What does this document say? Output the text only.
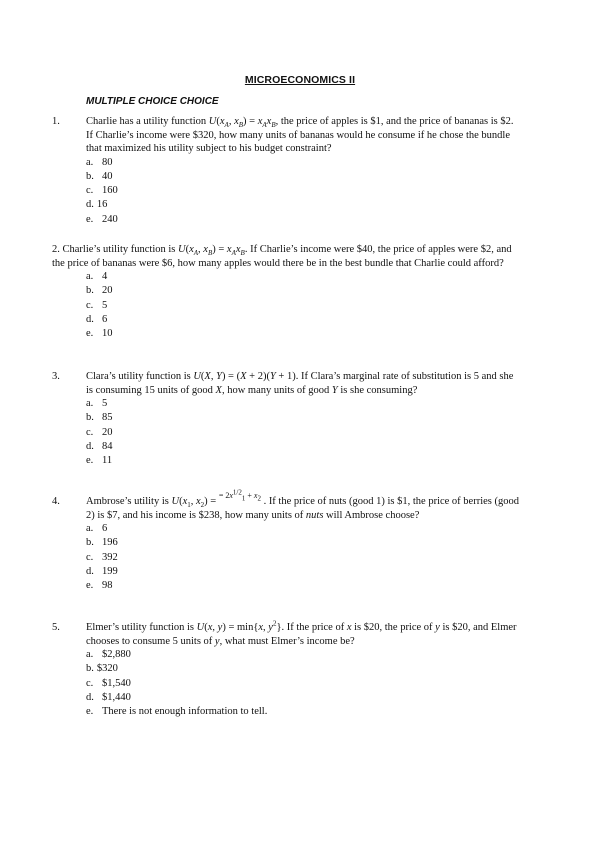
MICROECONOMICS II
MULTIPLE CHOICE CHOICE
1. Charlie has a utility function $U(x_A$, $x_B) = x_Ax_B$, the price of apples is $1, and the price of bananas is $2. If Charlie’s income were $320, how many units of bananas would he consume if he chose the bundle that maximized his utility subject to his budget constraint?
a. 80
b. 40
c. 160
d. 16
e. 240
2. Charlie’s utility function is $U(x_A$, $x_B) = x_Ax_B$. If Charlie’s income were $40, the price of apples were $2, and the price of bananas were $6, how many apples would there be in the best bundle that Charlie could afford?
a. 4
b. 20
c. 5
d. 6
e. 10
3. Clara’s utility function is U(X, Y) = (X + 2)(Y + 1). If Clara’s marginal rate of substitution is 5 and she is consuming 15 units of good X, how many units of good Y is she consuming?
a. 5
b. 85
c. 20
d. 84
e. 11
4. Ambrose’s utility is $U(x_1$, $x_2) = ^{= 2x^{1/2}_1 + x_2}$ . If the price of nuts (good 1) is $1, the price of berries (good 2) is $7, and his income is $238, how many units of nuts will Ambrose choose?
a. 6
b. 196
c. 392
d. 199
e. 98
5. Elmer’s utility function is U(x, y) = min{x, $y^2$}. If the price of x is $20, the price of y is $20, and Elmer chooses to consume 5 units of y, what must Elmer’s income be?
a. $2,880
b. $320
c. $1,540
d. $1,440
e. There is not enough information to tell.
